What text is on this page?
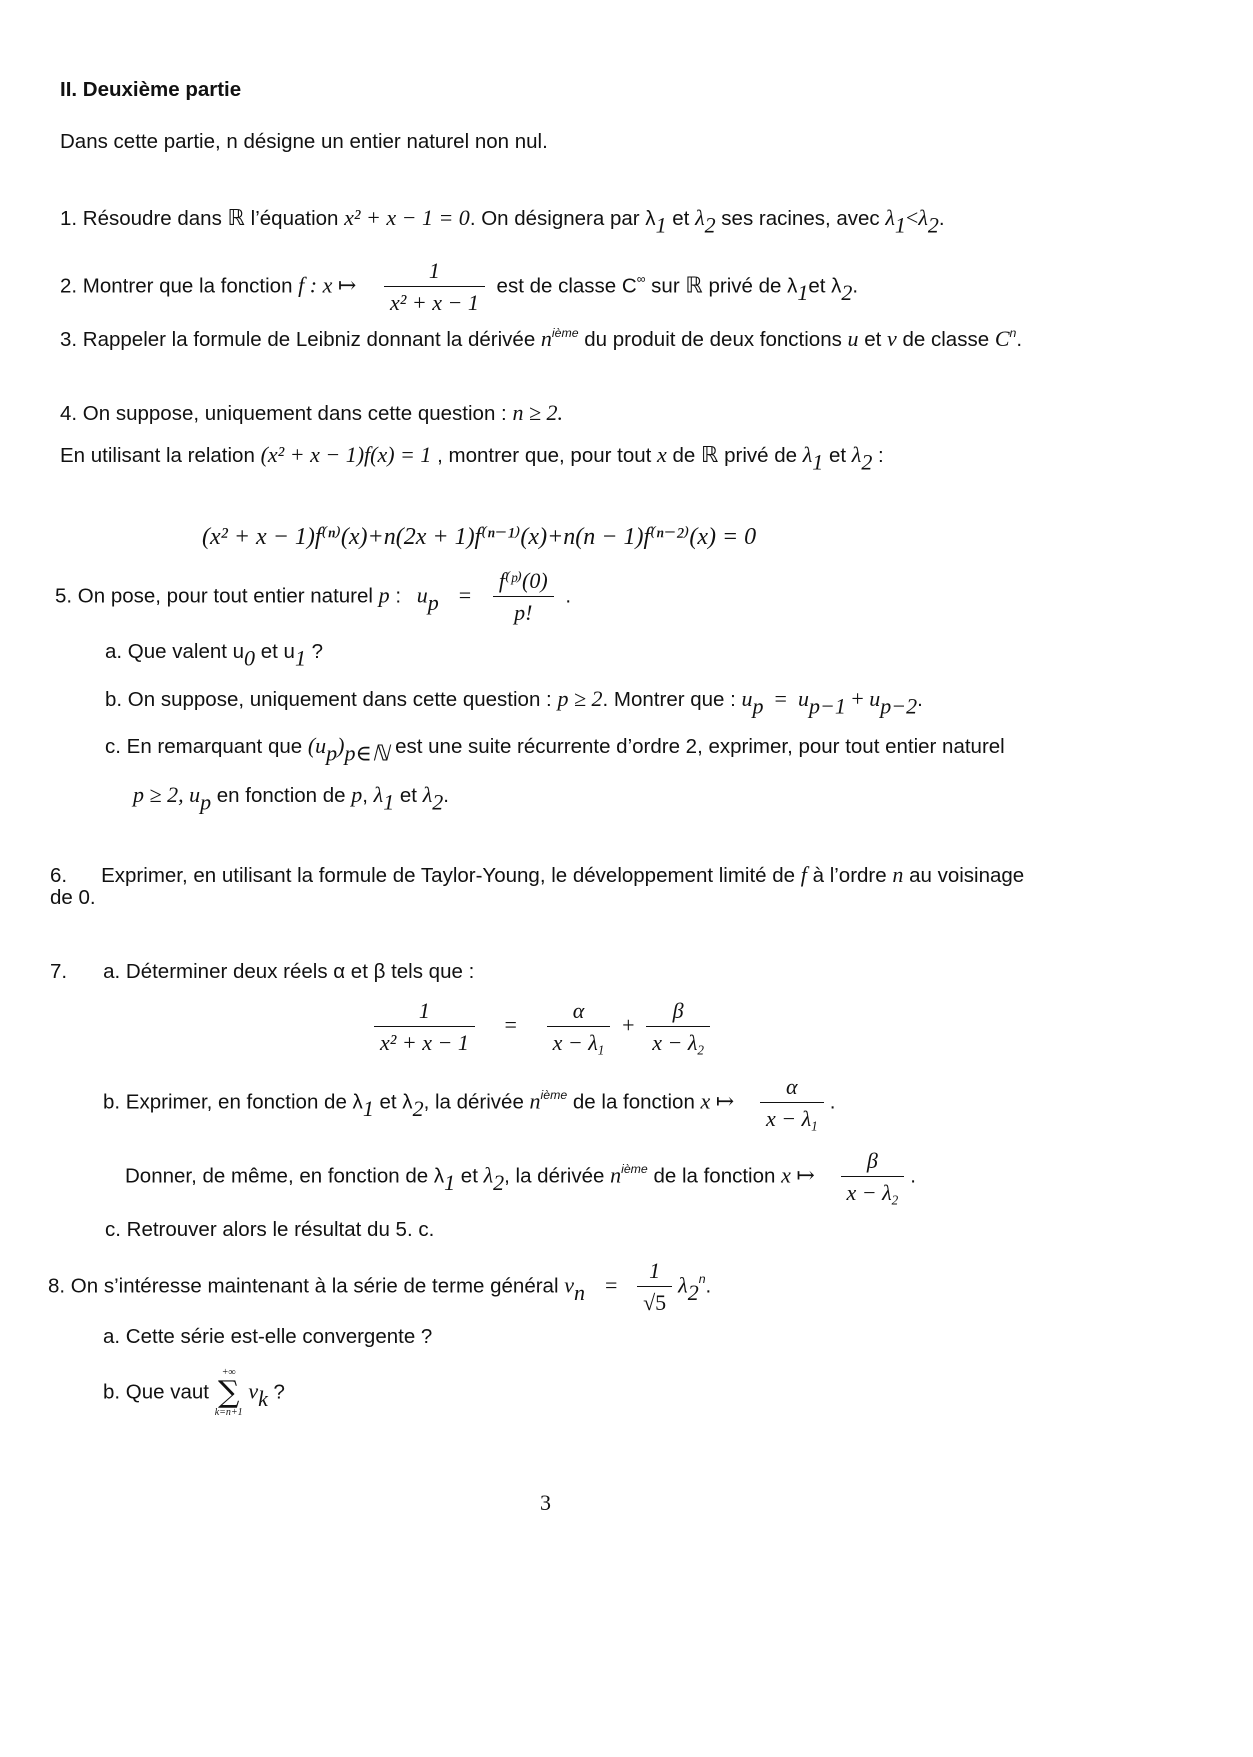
II. Deuxième partie
Dans cette partie, n désigne un entier naturel non nul.
1. Résoudre dans ℝ l’équation x² + x − 1 = 0. On désignera par $\lambda_1$ et $\lambda_2$ ses racines, avec $\lambda_1<\lambda_2$.
2. Montrer que la fonction f : x ↦ $\frac{1}{\text{x² + x − 1}}$ est de classe C∞ sur ℝ privé de $\lambda_1et$ $\lambda_2$.
3. Rappeler la formule de Leibniz donnant la dérivée $n^{ième}$ du produit de deux fonctions u et v de classe $C^n$.
4. On suppose, uniquement dans cette question : n ≥ 2.
En utilisant la relation (x² + x − 1)f(x) = 1 , montrer que, pour tout x de ℝ privé de $\lambda_1$ et $\lambda_2$ :
(x² + x − 1)f⁽ⁿ⁾(x)+n(2x + 1)f⁽ⁿ⁻¹⁾(x)+n(n − 1)f⁽ⁿ⁻²⁾(x) = 0
5. On pose, pour tout entier naturel p : $u_p = \frac{\text{f⁽ᵖ⁾(0)}}{p!}$ .
a. Que valent $u_0$ et $u_1$ ?
b. On suppose, uniquement dans cette question : p ≥ 2. Montrer que : $u_p = u_{p-1} + u_{p-2}$.
c. En remarquant que $(u_p)_{p\in ℕ}$ est une suite récurrente d’ordre 2, exprimer, pour tout entier naturel
p ≥ 2, $u_p$ en fonction de p, $\lambda_1$ et $\lambda_2$.
6. Exprimer, en utilisant la formule de Taylor-Young, le développement limité de f à l’ordre n au voisinage
de 0.
7. a. Déterminer deux réels α et β tels que :
$\frac{1}{\text{x² + x − 1}} = \frac{\alpha}{x - \lambda_1} + \frac{\beta}{x - \lambda_2}$
b. Exprimer, en fonction de $\lambda_1$ et $\lambda_2$, la dérivée $n^{ième}$ de la fonction x ↦ $\frac{\alpha}{x - \lambda_1}$ .
Donner, de même, en fonction de $\lambda_1$ et $\lambda_2$, la dérivée $n^{ième}$ de la fonction x ↦ $\frac{\beta}{x - \lambda_2}$ .
c. Retrouver alors le résultat du 5. c.
8. On s’intéresse maintenant à la série de terme général $v_n = \frac{1}{√5} \lambda_2^n$.
a. Cette série est-elle convergente ?
b. Que vaut
+∞
∑
k=n+1
$v_k$ ?
3
